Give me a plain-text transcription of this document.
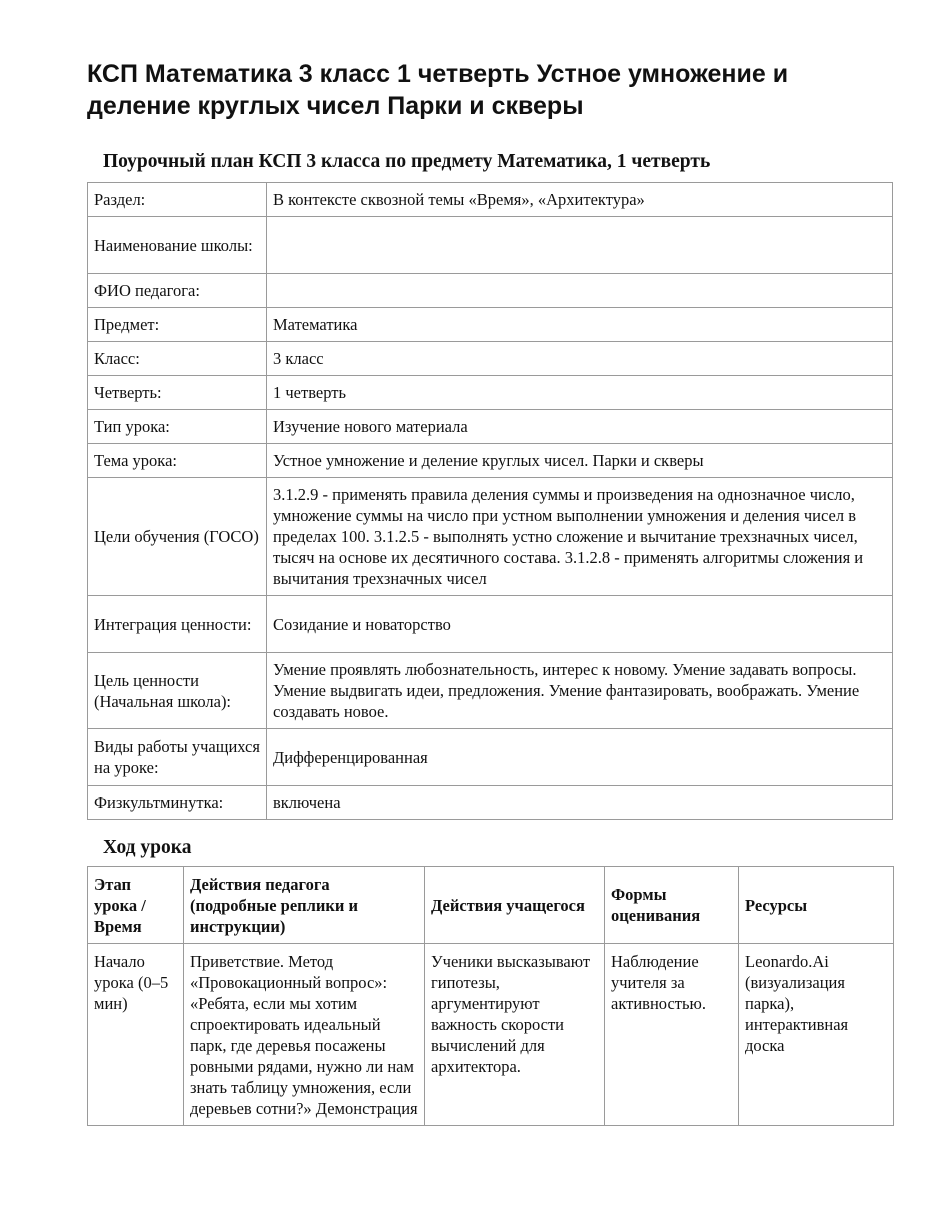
КСП Математика 3 класс 1 четверть Устное умножение и деление круглых чисел Парки и скверы
Поурочный план КСП 3 класса по предмету Математика, 1 четверть
Раздел:	В контексте сквозной темы «Время», «Архитектура»
Наименование школы:	
ФИО педагога:	
Предмет:	Математика
Класс:	3 класс
Четверть:	1 четверть
Тип урока:	Изучение нового материала
Тема урока:	Устное умножение и деление круглых чисел. Парки и скверы
Цели обучения (ГОСО)	3.1.2.9 - применять правила деления суммы и произведения на однозначное число, умножение суммы на число при устном выполнении умножения и деления чисел в пределах 100. 3.1.2.5 - выполнять устно сложение и вычитание трехзначных чисел, тысяч на основе их десятичного состава. 3.1.2.8 - применять алгоритмы сложения и вычитания трехзначных чисел
Интеграция ценности:	Созидание и новаторство
Цель ценности (Начальная школа):	Умение проявлять любознательность, интерес к новому. Умение задавать вопросы. Умение выдвигать идеи, предложения. Умение фантазировать, воображать. Умение создавать новое.
Виды работы учащихся на уроке:	Дифференцированная
Физкультминутка:	включена
Ход урока
Этап урока / Время	Действия педагога (подробные реплики и инструкции)	Действия учащегося	Формы оценивания	Ресурсы
Начало урока (0–5 мин)	Приветствие. Метод «Провокационный вопрос»: «Ребята, если мы хотим спроектировать идеальный парк, где деревья посажены ровными рядами, нужно ли нам знать таблицу умножения, если деревьев сотни?» Демонстрация	Ученики высказывают гипотезы, аргументируют важность скорости вычислений для архитектора.	Наблюдение учителя за активностью.	Leonardo.Ai (визуализация парка), интерактивная доска
